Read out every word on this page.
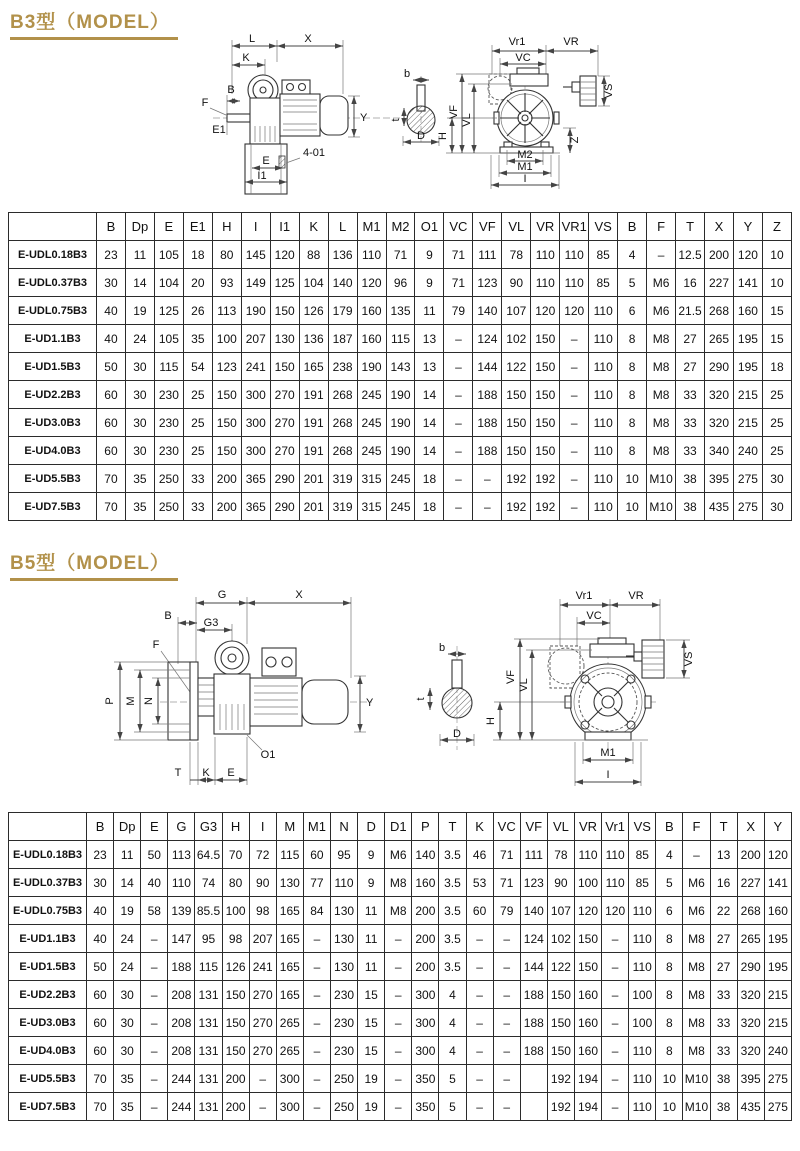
B3型（MODEL）
L	X
K
B
F
E1
Y
4-01
E
I1
b
t
D
Vr1	VR
VC
VS
H
VF
VL
Z
M2
M1
I
	B	Dp	E	E1	H	I	I1	K	L	M1	M2	O1	VC	VF	VL	VR	VR1	VS	B	F	T	X	Y	Z
E-UDL0.18B3	23	11	105	18	80	145	120	88	136	110	71	9	71	111	78	110	110	85	4	–	12.5	200	120	10
E-UDL0.37B3	30	14	104	20	93	149	125	104	140	120	96	9	71	123	90	110	110	85	5	M6	16	227	141	10
E-UDL0.75B3	40	19	125	26	113	190	150	126	179	160	135	11	79	140	107	120	120	110	6	M6	21.5	268	160	15
E-UD1.1B3	40	24	105	35	100	207	130	136	187	160	115	13	–	124	102	150	–	110	8	M8	27	265	195	15
E-UD1.5B3	50	30	115	54	123	241	150	165	238	190	143	13	–	144	122	150	–	110	8	M8	27	290	195	18
E-UD2.2B3	60	30	230	25	150	300	270	191	268	245	190	14	–	188	150	150	–	110	8	M8	33	320	215	25
E-UD3.0B3	60	30	230	25	150	300	270	191	268	245	190	14	–	188	150	150	–	110	8	M8	33	320	215	25
E-UD4.0B3	60	30	230	25	150	300	270	191	268	245	190	14	–	188	150	150	–	110	8	M8	33	340	240	25
E-UD5.5B3	70	35	250	33	200	365	290	201	319	315	245	18	–	–	192	192	–	110	10	M10	38	395	275	30
E-UD7.5B3	70	35	250	33	200	365	290	201	319	315	245	18	–	–	192	192	–	110	10	M10	38	435	275	30
B5型（MODEL）
G	X
B
G3
F
P M N	Y
O1
T K E
b
t
D
Vr1	VR
VC
VS
VF
VL
H
M1
I
	B	Dp	E	G	G3	H	I	M	M1	N	D	D1	P	T	K	VC	VF	VL	VR	Vr1	VS	B	F	T	X	Y
E-UDL0.18B3	23	11	50	113	64.5	70	72	115	60	95	9	M6	140	3.5	46	71	111	78	110	110	85	4	–	13	200	120
E-UDL0.37B3	30	14	40	110	74	80	90	130	77	110	9	M8	160	3.5	53	71	123	90	100	110	85	5	M6	16	227	141
E-UDL0.75B3	40	19	58	139	85.5	100	98	165	84	130	11	M8	200	3.5	60	79	140	107	120	120	110	6	M6	22	268	160
E-UD1.1B3	40	24	–	147	95	98	207	165	–	130	11	–	200	3.5	–	–	124	102	150	–	110	8	M8	27	265	195
E-UD1.5B3	50	24	–	188	115	126	241	165	–	130	11	–	200	3.5	–	–	144	122	150	–	110	8	M8	27	290	195
E-UD2.2B3	60	30	–	208	131	150	270	165	–	230	15	–	300	4	–	–	188	150	160	–	100	8	M8	33	320	215
E-UD3.0B3	60	30	–	208	131	150	270	265	–	230	15	–	300	4	–	–	188	150	160	–	100	8	M8	33	320	215
E-UD4.0B3	60	30	–	208	131	150	270	265	–	230	15	–	300	4	–	–	188	150	160	–	110	8	M8	33	320	240
E-UD5.5B3	70	35	–	244	131	200	–	300	–	250	19	–	350	5	–	–		192	194	–	110	10	M10	38	395	275
E-UD7.5B3	70	35	–	244	131	200	–	300	–	250	19	–	350	5	–	–		192	194	–	110	10	M10	38	435	275
